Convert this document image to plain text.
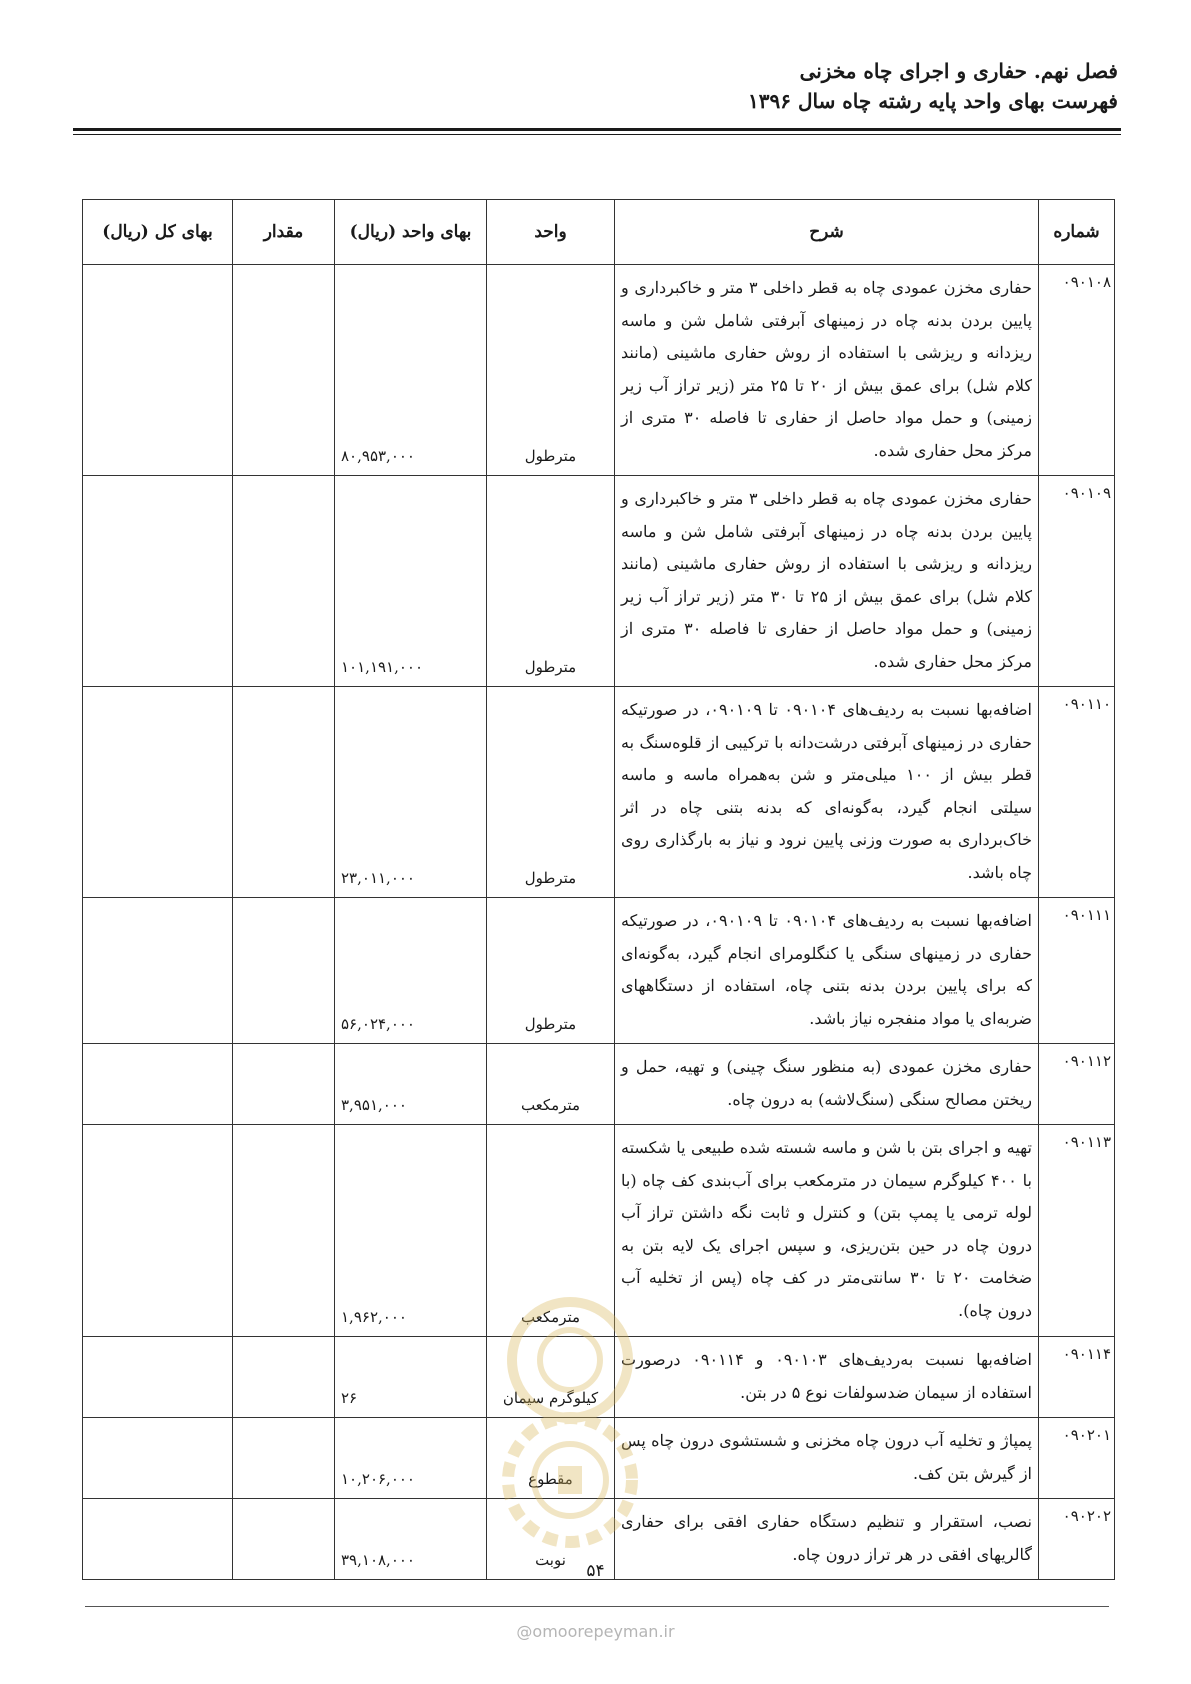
فصل نهم. حفاری و اجرای چاه مخزنی
فهرست بهای واحد پایه رشته چاه سال ۱۳۹۶
شماره	شرح	واحد	بهای واحد (ریال)	مقدار	بهای کل (ریال)
۰۹۰۱۰۸	حفاری مخزن عمودی چاه به قطر داخلی ۳ متر و خاکبرداری و پایین بردن بدنه چاه در زمینهای آبرفتی شامل شن و ماسه ریزدانه و ریزشی با استفاده از روش حفاری ماشینی (مانند کلام شل) برای عمق بیش از ۲۰ تا ۲۵ متر (زیر تراز آب زیر زمینی) و حمل مواد حاصل از حفاری تا فاصله ۳۰ متری از مرکز محل حفاری شده.	مترطول	۸۰,۹۵۳,۰۰۰		
۰۹۰۱۰۹	حفاری مخزن عمودی چاه به قطر داخلی ۳ متر و خاکبرداری و پایین بردن بدنه چاه در زمینهای آبرفتی شامل شن و ماسه ریزدانه و ریزشی با استفاده از روش حفاری ماشینی (مانند کلام شل) برای عمق بیش از ۲۵ تا ۳۰ متر (زیر تراز آب زیر زمینی) و حمل مواد حاصل از حفاری تا فاصله ۳۰ متری از مرکز محل حفاری شده.	مترطول	۱۰۱,۱۹۱,۰۰۰		
۰۹۰۱۱۰	اضافه‌بها نسبت به ردیف‌های ۰۹۰۱۰۴ تا ۰۹۰۱۰۹، در صورتیکه حفاری در زمینهای آبرفتی درشت‌دانه با ترکیبی از قلوه‌سنگ به قطر بیش از ۱۰۰ میلی‌متر و شن به‌همراه ماسه و ماسه سیلتی انجام گیرد، به‌گونه‌ای که بدنه بتنی چاه در اثر خاک‌برداری به صورت وزنی پایین نرود و نیاز به بارگذاری روی چاه باشد.	مترطول	۲۳,۰۱۱,۰۰۰		
۰۹۰۱۱۱	اضافه‌بها نسبت به ردیف‌های ۰۹۰۱۰۴ تا ۰۹۰۱۰۹، در صورتیکه حفاری در زمینهای سنگی یا کنگلومرای انجام گیرد، به‌گونه‌ای که برای پایین بردن بدنه بتنی چاه، استفاده از دستگاههای ضربه‌ای یا مواد منفجره نیاز باشد.	مترطول	۵۶,۰۲۴,۰۰۰		
۰۹۰۱۱۲	حفاری مخزن عمودی (به منظور سنگ چینی) و تهیه، حمل و ریختن مصالح سنگی (سنگ‌لاشه) به درون چاه.	مترمکعب	۳,۹۵۱,۰۰۰		
۰۹۰۱۱۳	تهیه و اجرای بتن با شن و ماسه شسته شده طبیعی یا شکسته با ۴۰۰ کیلوگرم سیمان در مترمکعب برای آب‌بندی کف چاه (با لوله ترمی یا پمپ بتن) و کنترل و ثابت نگه داشتن تراز آب درون چاه در حین بتن‌ریزی، و سپس اجرای یک لایه بتن به ضخامت ۲۰ تا ۳۰ سانتی‌متر در کف چاه (پس از تخلیه آب درون چاه).	مترمکعب	۱,۹۶۲,۰۰۰		
۰۹۰۱۱۴	اضافه‌بها نسبت به‌ردیف‌های ۰۹۰۱۰۳ و ۰۹۰۱۱۴ درصورت استفاده از سیمان ضدسولفات نوع ۵ در بتن.	کیلوگرم سیمان	۲۶		
۰۹۰۲۰۱	پمپاژ و تخلیه آب درون چاه مخزنی و شستشوی درون چاه پس از گیرش بتن کف.	مقطوع	۱۰,۲۰۶,۰۰۰		
۰۹۰۲۰۲	نصب، استقرار و تنظیم دستگاه حفاری افقی برای حفاری گالریهای افقی در هر تراز درون چاه.	نوبت	۳۹,۱۰۸,۰۰۰		
۵۴
@omoorepeyman.ir
